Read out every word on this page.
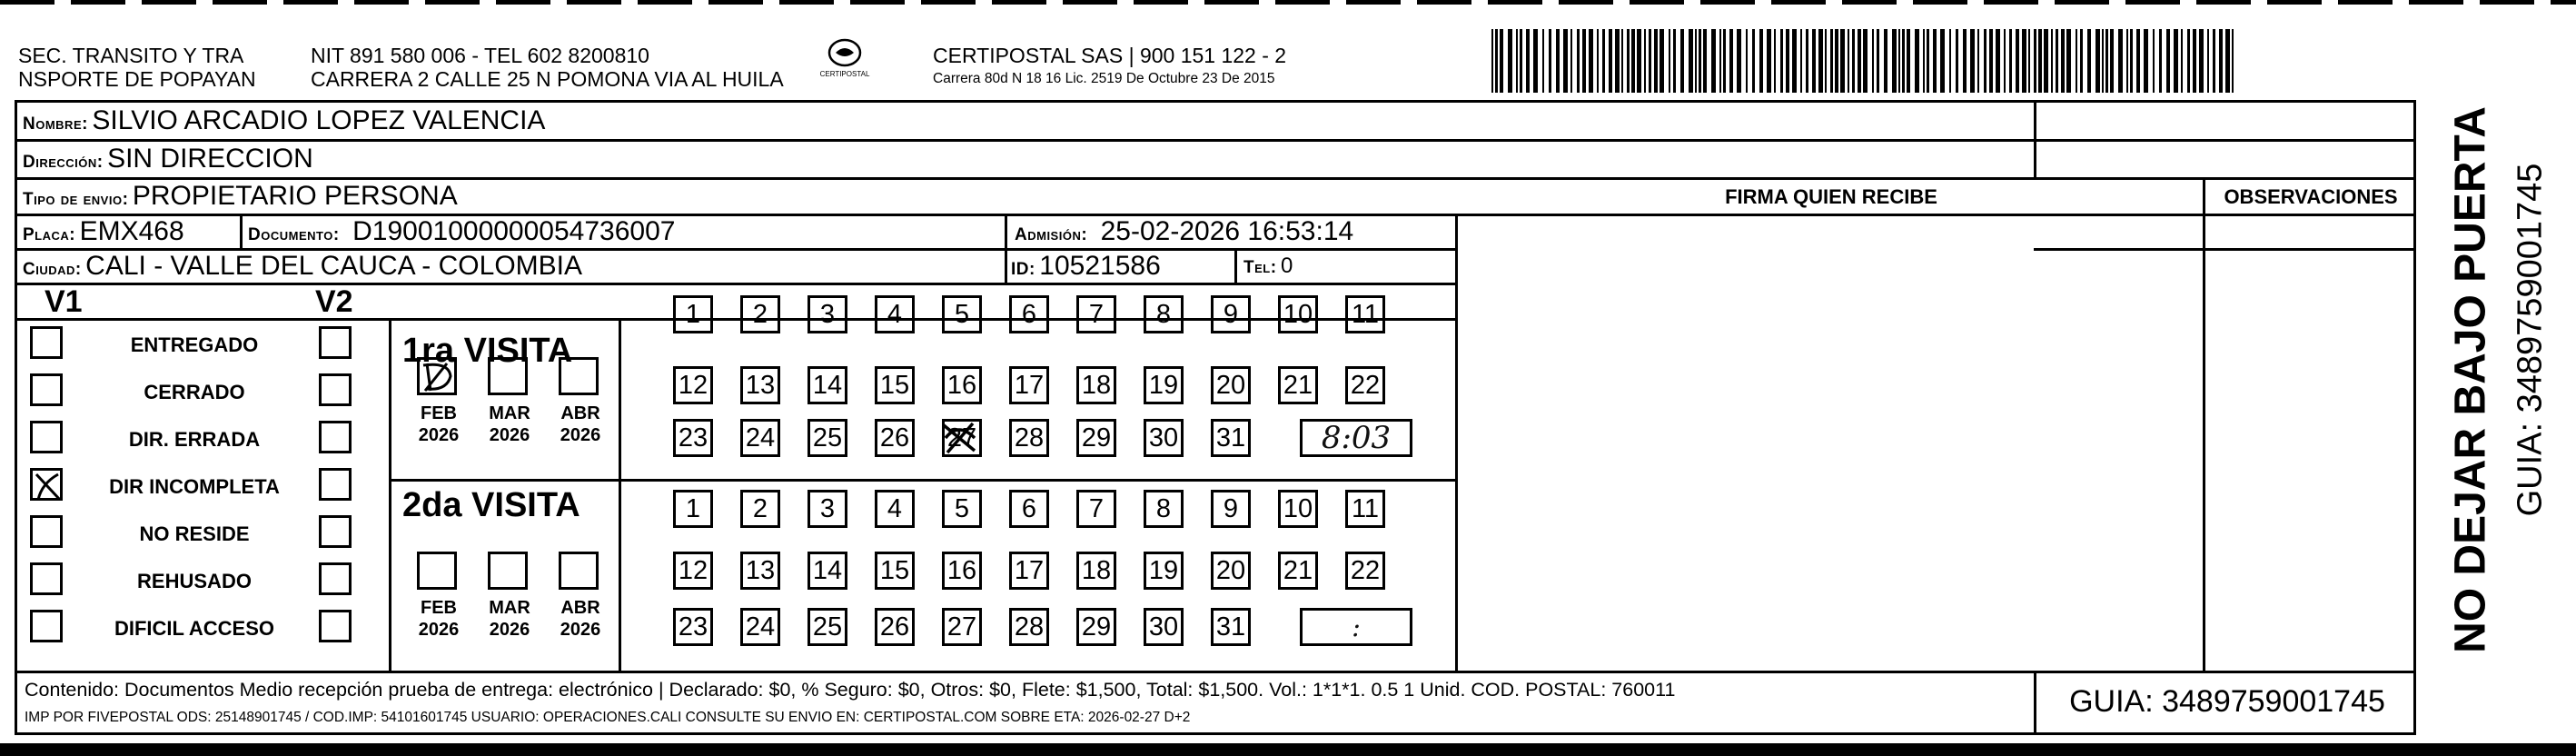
SEC. TRANSITO Y TRA
NSPORTE DE POPAYAN
NIT 891 580 006 - TEL 602 8200810
CARRERA 2 CALLE 25 N POMONA VIA AL HUILA	CERTIPOSTAL
CERTIPOSTAL SAS | 900 151 122 - 2
Carrera 80d N 18 16 Lic. 2519 De Octubre 23 De 2015
Nombre: SILVIO ARCADIO LOPEZ VALENCIA
Dirección: SIN DIRECCION
Tipo de envio: PROPIETARIO PERSONA	FIRMA QUIEN RECIBE	OBSERVACIONES
Placa: EMX468	Documento: D19001000000054736007	Admisión: 25-02-2026 16:53:14
Ciudad: CALI - VALLE DEL CAUCA - COLOMBIA	ID: 10521586	Tel: 0
V1	V2
ENTREGADO
CERRADO
DIR. ERRADA
DIR INCOMPLETA
NO RESIDE
REHUSADO
DIFICIL ACCESO
1ra VISITA
2da VISITA
FEB
2026
MAR
2026
ABR
2026
FEB
2026
MAR
2026
ABR
2026
1	2	3	4	5	6	7	8	9	10 11
12 13 14 15 16 17 18 19 20 21 22
23 24 25 26 27 28 29 30 31	8:03
1	2	3	4	5	6	7	8	9	10 11
12 13 14 15 16 17 18 19 20 21 22
23 24 25 26 27 28 29 30 31	:
Contenido: Documentos Medio recepción prueba de entrega: electrónico | Declarado: $0, % Seguro: $0, Otros: $0, Flete: $1,500, Total: $1,500. Vol.: 1*1*1. 0.5 1 Unid. COD. POSTAL: 760011
IMP POR FIVEPOSTAL ODS: 25148901745 / COD.IMP: 54101601745 USUARIO: OPERACIONES.CALI CONSULTE SU ENVIO EN: CERTIPOSTAL.COM SOBRE ETA: 2026-02-27 D+2	GUIA: 3489759001745
NO DEJAR BAJO PUERTA GUIA: 3489759001745
